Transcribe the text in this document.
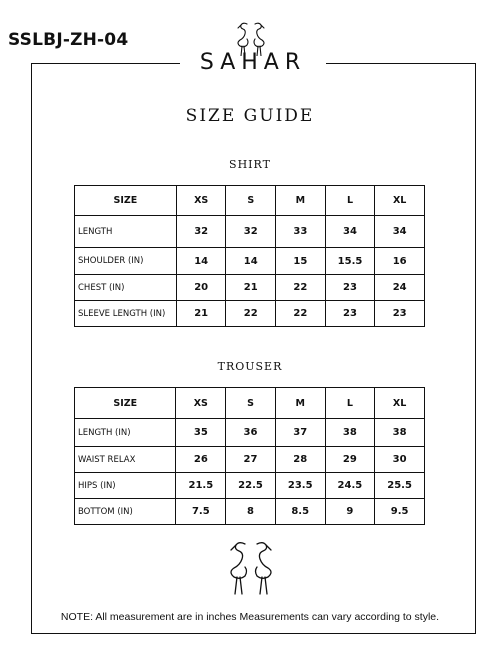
SSLBJ-ZH-04
SAHAR
SIZE GUIDE
SHIRT
SIZE	XS	S	M	L	XL
LENGTH	32	32	33	34	34
SHOULDER (IN)	14	14	15	15.5	16
CHEST (IN)	20	21	22	23	24
SLEEVE LENGTH (IN)	21	22	22	23	23
TROUSER
SIZE	XS	S	M	L	XL
LENGTH (IN)	35	36	37	38	38
WAIST RELAX	26	27	28	29	30
HIPS (IN)	21.5	22.5	23.5	24.5	25.5
BOTTOM (IN)	7.5	8	8.5	9	9.5
NOTE: All measurement are in inches Measurements can vary according to style.
